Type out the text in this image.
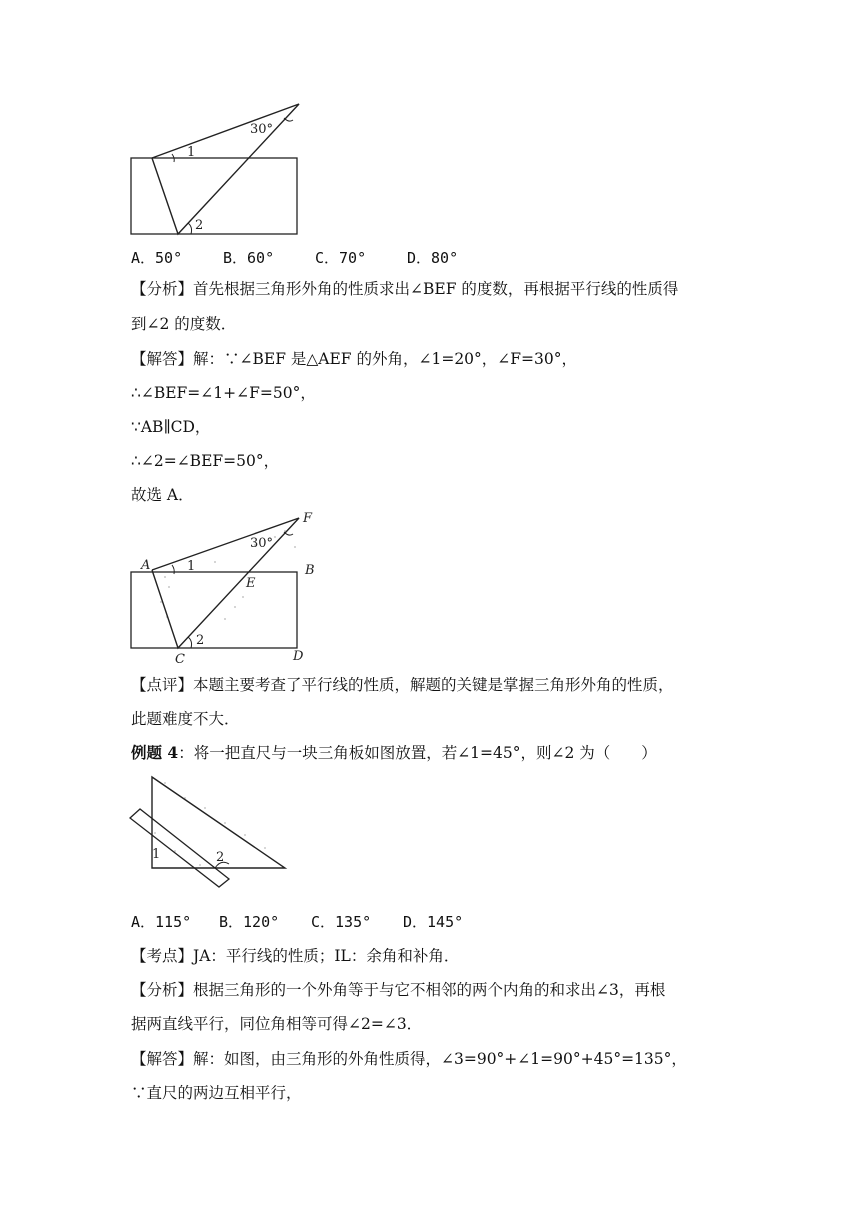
30°
1
2
A．50°	B．60°	C．70°	D．80°
【分析】首先根据三角形外角的性质求出∠BEF 的度数，再根据平行线的性质得
到∠2 的度数．
【解答】解：∵∠BEF 是△AEF 的外角，∠1=20°，∠F=30°，
∴∠BEF=∠1+∠F=50°，
∵AB∥CD，
∴∠2=∠BEF=50°，
故选 A．
A	B
C	D
E
F
30°
1
2
【点评】本题主要考查了平行线的性质，解题的关键是掌握三角形外角的性质，
此题难度不大．
例题 4：将一把直尺与一块三角板如图放置，若∠1=45°，则∠2 为（　　）
1	2
A．115° B．120° C．135° D．145°
【考点】JA：平行线的性质；IL：余角和补角．
【分析】根据三角形的一个外角等于与它不相邻的两个内角的和求出∠3，再根
据两直线平行，同位角相等可得∠2=∠3．
【解答】解：如图，由三角形的外角性质得，∠3=90°+∠1=90°+45°=135°，
∵直尺的两边互相平行，
